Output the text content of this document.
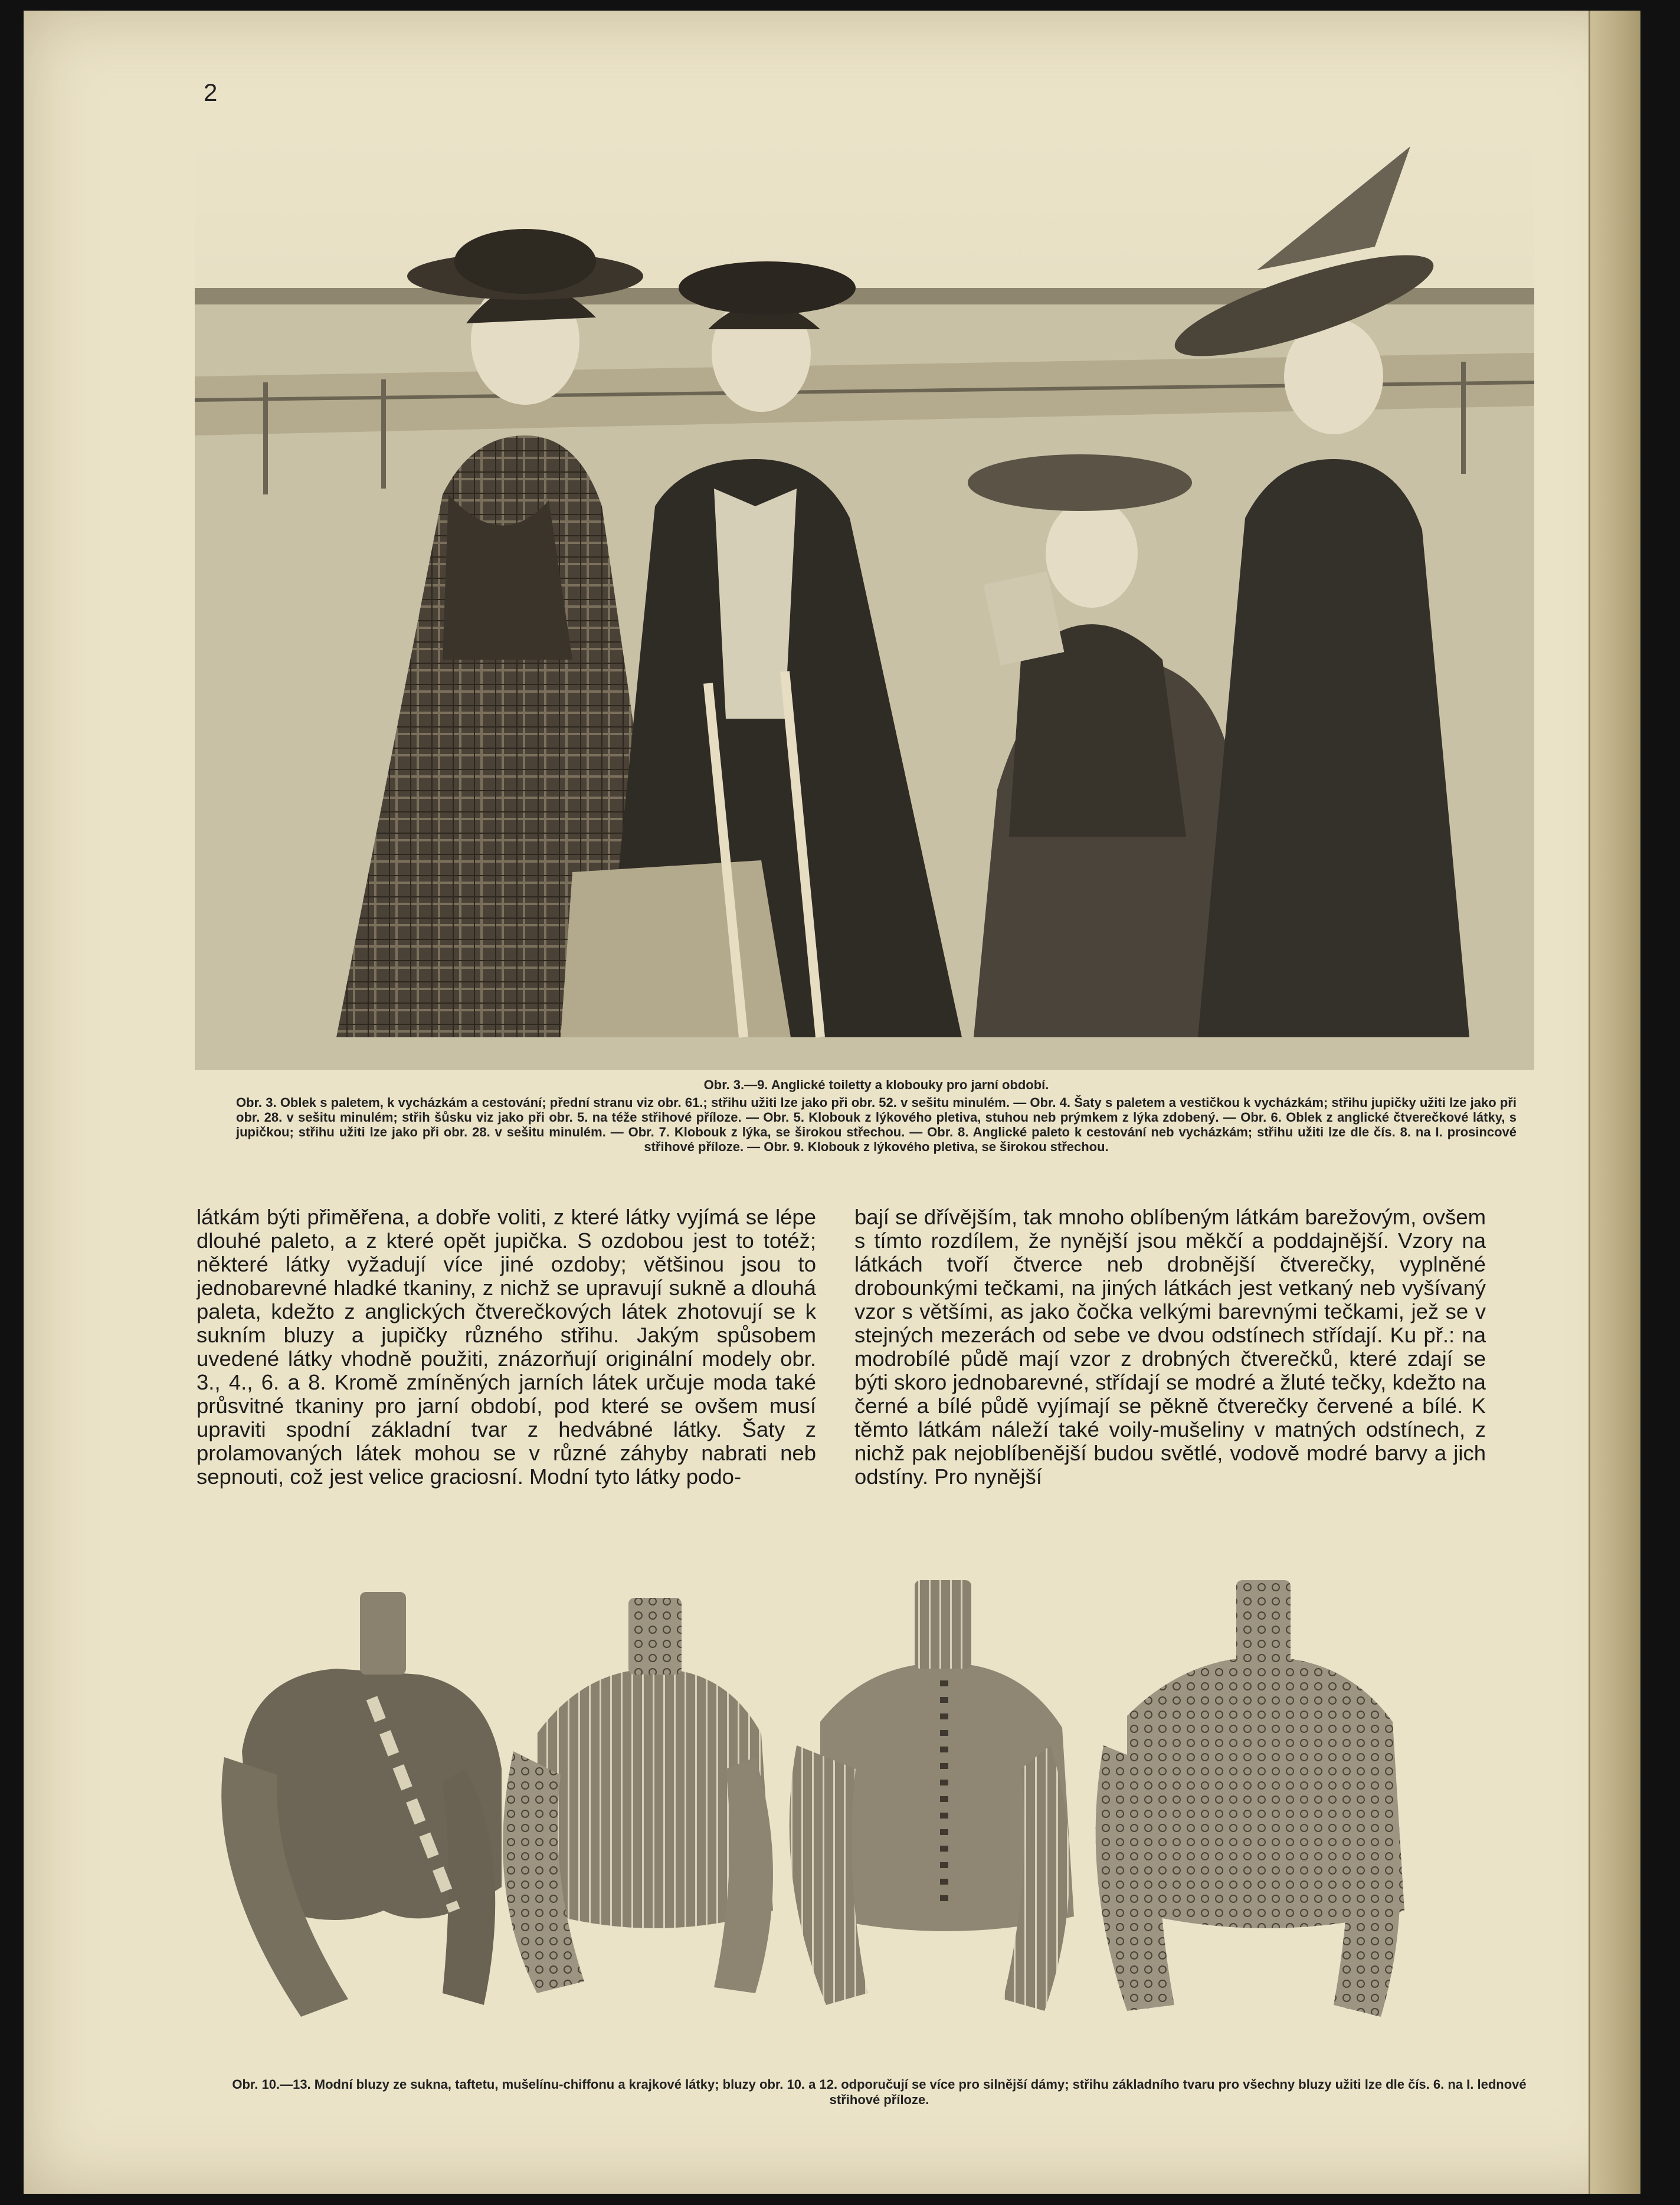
2
Obr. 3.—9. Anglické toiletty a klobouky pro jarní období.
Obr. 3. Oblek s paletem, k vycházkám a cestování; přední stranu viz obr. 61.; střihu užiti lze jako při obr. 52. v sešitu minulém. — Obr. 4. Šaty s paletem a vestičkou k vycházkám; střihu jupičky užiti lze jako při obr. 28. v sešitu minulém; střih šůsku viz jako při obr. 5. na téže střihové příloze. — Obr. 5. Klobouk z lýkového pletiva, stuhou neb prýmkem z lýka zdobený. — Obr. 6. Oblek z anglické čtverečkové látky, s jupičkou; střihu užiti lze jako při obr. 28. v sešitu minulém. — Obr. 7. Klobouk z lýka, se širokou střechou. — Obr. 8. Anglické paleto k cestování neb vycházkám; střihu užiti lze dle čís. 8. na I. prosincové střihové příloze. — Obr. 9. Klobouk z lýkového pletiva, se širokou střechou.
látkám býti přiměřena, a dobře voliti, z které látky vyjímá se lépe dlouhé paleto, a z které opět jupička. S ozdobou jest to totéž; některé látky vyžadují více jiné ozdoby; většinou jsou to jednobarevné hladké tkaniny, z nichž se upravují sukně a dlouhá paleta, kdežto z anglických čtverečkových látek zhotovují se k sukním bluzy a jupičky různého střihu. Jakým spůsobem uvedené látky vhodně použiti, znázorňují originální modely obr. 3., 4., 6. a 8. Kromě zmíněných jarních látek určuje moda také průsvitné tkaniny pro jarní období, pod které se ovšem musí upraviti spodní základní tvar z hedvábné látky. Šaty z prolamovaných látek mohou se v různé záhyby nabrati neb sepnouti, což jest velice graciosní. Modní tyto látky podo-
bají se dřívějším, tak mnoho oblíbeným látkám barežovým, ovšem s tímto rozdílem, že nynější jsou měkčí a poddajnější. Vzory na látkách tvoří čtverce neb drobnější čtverečky, vyplněné drobounkými tečkami, na jiných látkách jest vetkaný neb vyšívaný vzor s většími, as jako čočka velkými barevnými tečkami, jež se v stejných mezerách od sebe ve dvou odstínech střídají. Ku př.: na modrobílé půdě mají vzor z drobných čtverečků, které zdají se býti skoro jednobarevné, střídají se modré a žluté tečky, kdežto na černé a bílé půdě vyjímají se pěkně čtverečky červené a bílé. K těmto látkám náleží také voily-mušeliny v matných odstínech, z nichž pak nejoblíbenější budou světlé, vodově modré barvy a jich odstíny. Pro nynější
Obr. 10.—13. Modní bluzy ze sukna, taftetu, mušelínu-chiffonu a krajkové látky; bluzy obr. 10. a 12. odporučují se více pro silnější dámy; střihu základního tvaru pro všechny bluzy užiti lze dle čís. 6. na I. lednové střihové příloze.
